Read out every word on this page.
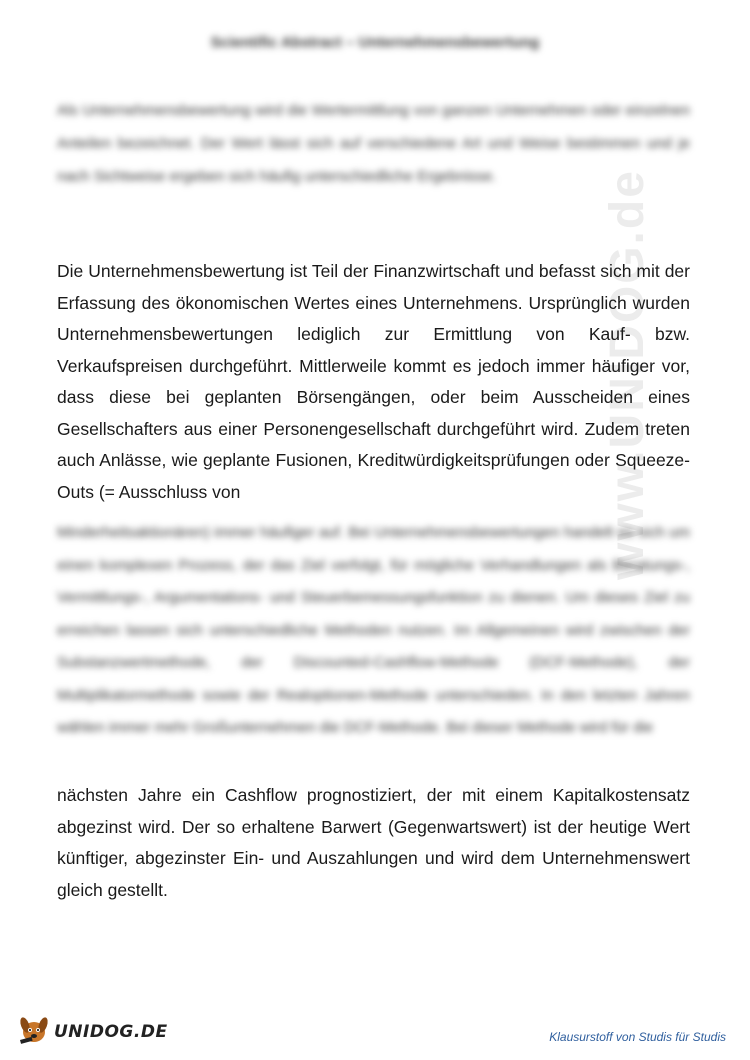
www.UNIDOG.de
Scientific Abstract – Unternehmensbewertung
Als Unternehmensbewertung wird die Wertermittlung von ganzen Unternehmen oder einzelnen Anteilen bezeichnet. Der Wert lässt sich auf verschiedene Art und Weise bestimmen und je nach Sichtweise ergeben sich häufig unterschiedliche Ergebnisse.
Die Unternehmensbewertung ist Teil der Finanzwirtschaft und befasst sich mit der Erfassung des ökonomischen Wertes eines Unternehmens. Ursprünglich wurden Unternehmensbewertungen lediglich zur Ermittlung von Kauf- bzw. Verkaufspreisen durchgeführt. Mittlerweile kommt es jedoch immer häufiger vor, dass diese bei geplanten Börsengängen, oder beim Ausscheiden eines Gesellschafters aus einer Personengesellschaft durchgeführt wird. Zudem treten auch Anlässe, wie geplante Fusionen, Kreditwürdigkeitsprüfungen oder Squeeze-Outs (= Ausschluss von
Minderheitsaktionären) immer häufiger auf. Bei Unternehmensbewertungen handelt es sich um einen komplexen Prozess, der das Ziel verfolgt, für mögliche Verhandlungen als Beratungs-, Vermittlungs-, Argumentations- und Steuerbemessungsfunktion zu dienen. Um dieses Ziel zu erreichen lassen sich unterschiedliche Methoden nutzen. Im Allgemeinen wird zwischen der Substanzwertmethode, der Discounted-Cashflow-Methode (DCF-Methode), der Multiplikatormethode sowie der Realoptionen-Methode unterschieden. In den letzten Jahren wählen immer mehr Großunternehmen die DCF-Methode. Bei dieser Methode wird für die
nächsten Jahre ein Cashflow prognostiziert, der mit einem Kapitalkostensatz abgezinst wird. Der so erhaltene Barwert (Gegenwartswert) ist der heutige Wert künftiger, abgezinster Ein- und Auszahlungen und wird dem Unternehmenswert gleich gestellt.
UNIDOG.DE	Klausurstoff von Studis für Studis
